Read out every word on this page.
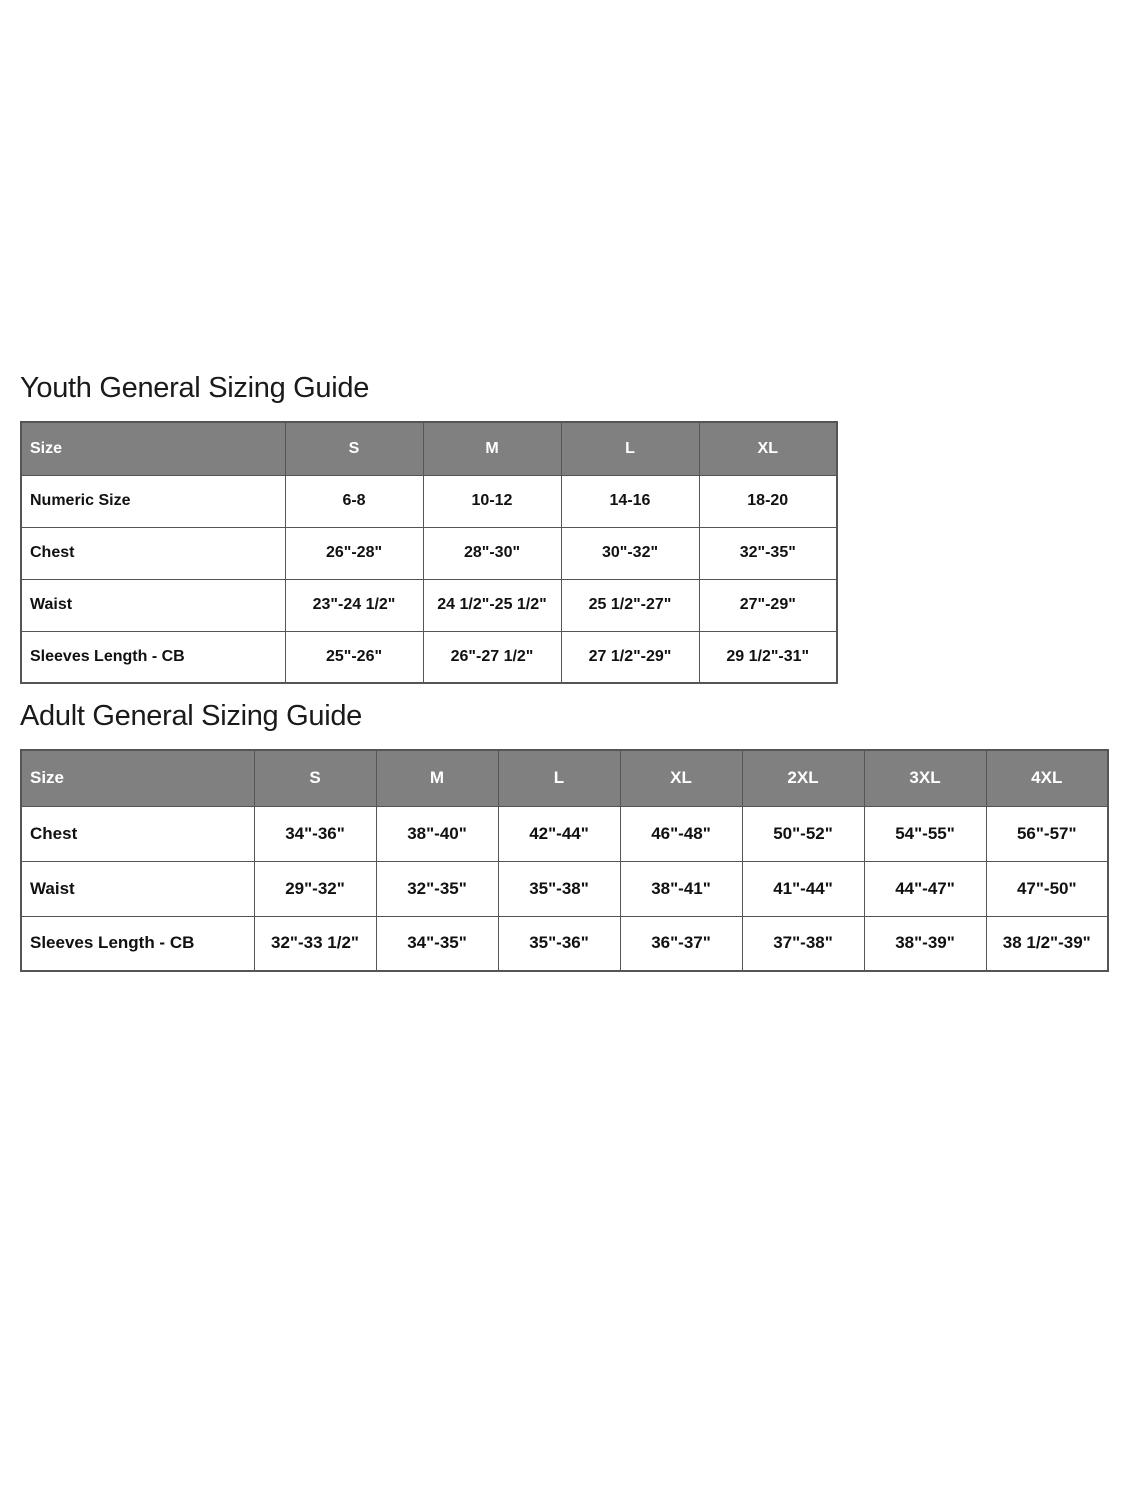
Youth General Sizing Guide
Size	S	M	L	XL
Numeric Size	6-8	10-12	14-16	18-20
Chest	26"-28"	28"-30"	30"-32"	32"-35"
Waist	23"-24 1/2"	24 1/2"-25 1/2"	25 1/2"-27"	27"-29"
Sleeves Length - CB	25"-26"	26"-27 1/2"	27 1/2"-29"	29 1/2"-31"
Adult General Sizing Guide
Size	S	M	L	XL	2XL	3XL	4XL
Chest	34"-36"	38"-40"	42"-44"	46"-48"	50"-52"	54"-55"	56"-57"
Waist	29"-32"	32"-35"	35"-38"	38"-41"	41"-44"	44"-47"	47"-50"
Sleeves Length - CB	32"-33 1/2"	34"-35"	35"-36"	36"-37"	37"-38"	38"-39"	38 1/2"-39"
